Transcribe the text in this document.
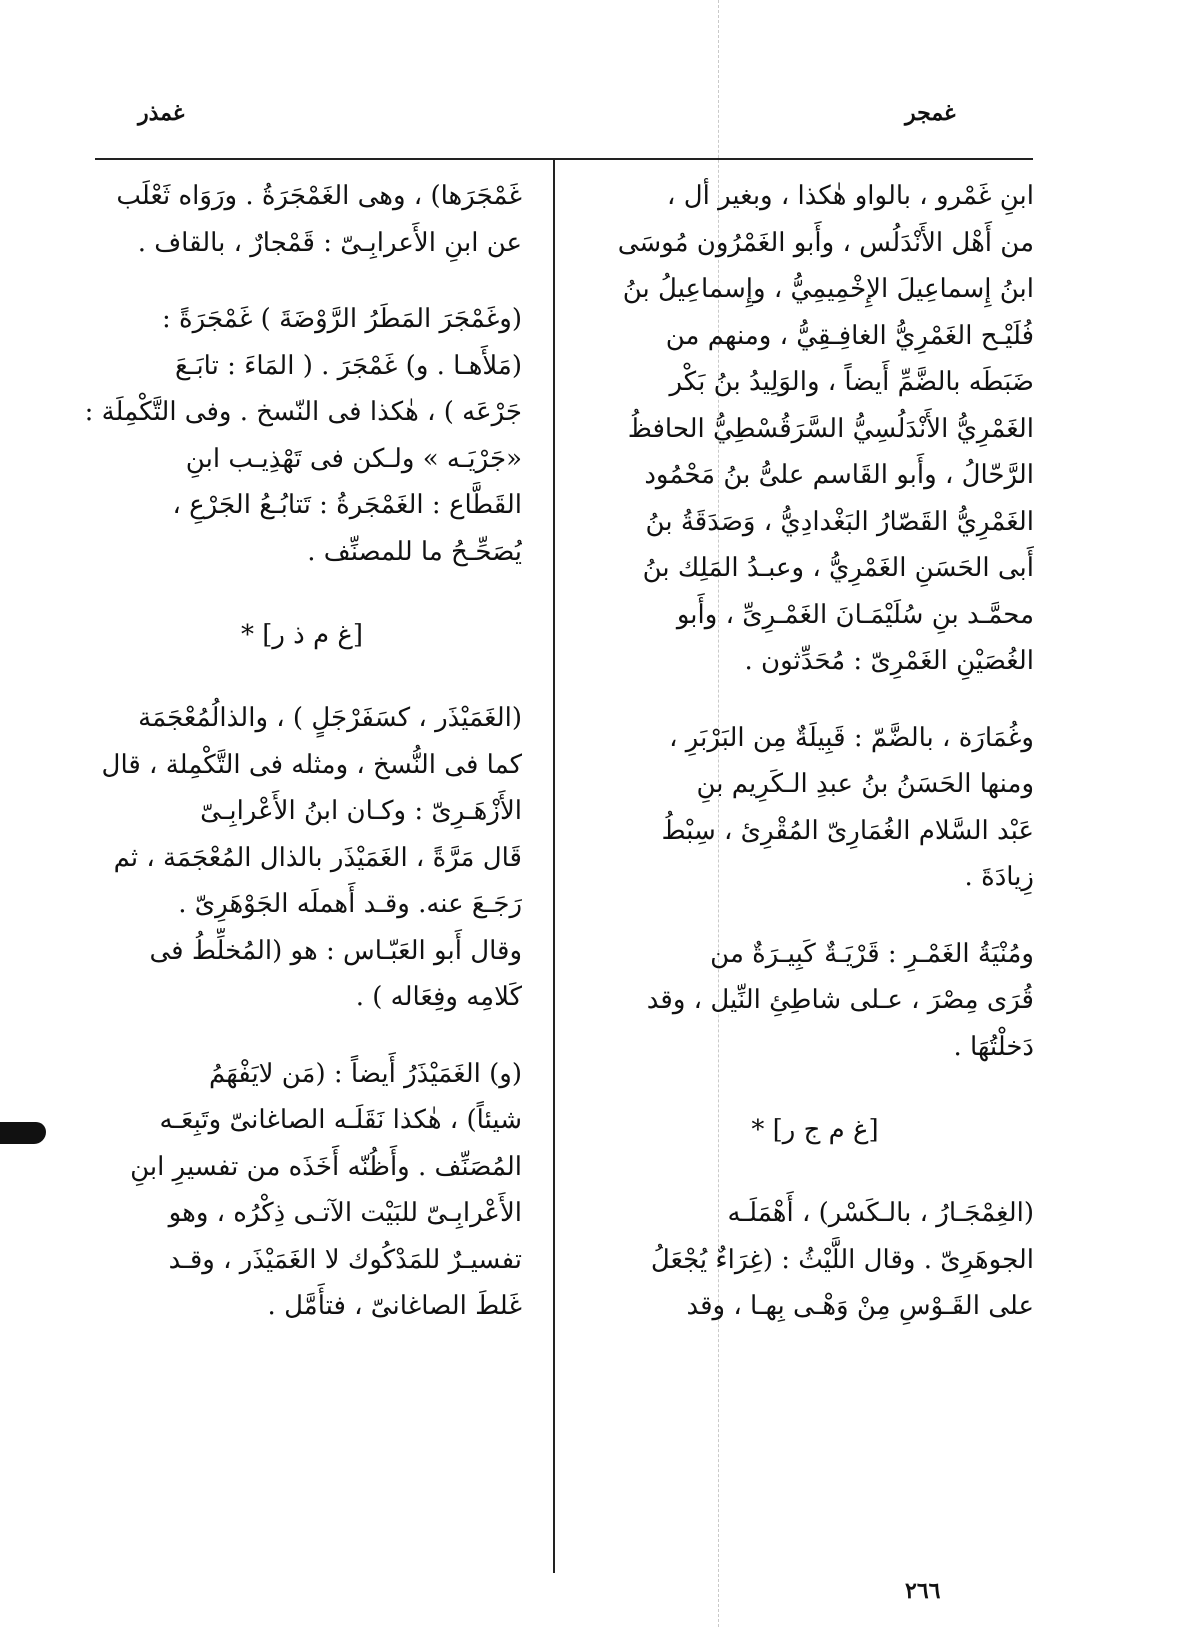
غمذر	غمجر
ابنِ غَمْرو ، بالواو هٰكذا ، وبغير أل ،
من أَهْل الأَنْدَلُس ، وأَبو الغَمْرُون مُوسَى
ابنُ إِسماعِيلَ الإِخْمِيمِيُّ ، وإِسماعِيلُ بنُ
فُلَيْـح الغَمْرِيُّ الغافِـقِيُّ ، ومنهم من
ضَبَطَه بالضَّمِّ أَيضاً ، والوَلِيدُ بنُ بَكْر
الغَمْرِيُّ الأَنْدَلُسِيُّ السَّرَقُسْطِيُّ الحافظُ
الرَّحّالُ ، وأَبو القَاسم علىُّ بنُ مَحْمُود
الغَمْرِيُّ القَصّارُ البَغْدادِيُّ ، وَصَدَقَةُ بنُ
أَبى الحَسَنِ الغَمْرِيُّ ، وعبـدُ المَلِك بنُ
محمَّـد بنِ سُلَيْمَـانَ الغَمْـرِىِّ ، وأَبو
الغُصَيْنِ الغَمْرِىّ : مُحَدِّثون .
وغُمَارَة ، بالضَّمّ : قَبِيلَةٌ مِن البَرْبَرِ ،
ومنها الحَسَنُ بنُ عبدِ الـكَرِيم بنِ
عَبْد السَّلام الغُمَارِىّ المُقْرِئ ، سِبْطُ
زِيادَةَ .
ومُنْيَةُ الغَمْـرِ : قَرْيَـةٌ كَبِيـرَةٌ من
قُرَى مِصْرَ ، عـلى شاطِئِ النِّيل ، وقد
دَخلْتُهَا .
[غ م ج ر] *
(الغِمْجَـارُ ، بالـكَسْر) ، أَهْمَلَـه
الجوهَرِىّ . وقال اللَّيْثُ : (غِرَاءٌ يُجْعَلُ
على القَـوْسِ مِنْ وَهْـى بِهـا ، وقد
غَمْجَرَها) ، وهى الغَمْجَرَةُ . ورَوَاه ثَعْلَب
عن ابنِ الأَعرابِـىّ : قَمْجارٌ ، بالقاف .
(وغَمْجَرَ المَطَرُ الرَّوْضَةَ ) غَمْجَرَةً :
(مَلأَهـا . و) غَمْجَرَ . ( المَاءَ : تابَـعَ
جَرْعَه ) ، هٰكذا فى النّسخ . وفى التَّكْمِلَة :
«جَرْيَـه » ولـكن فى تَهْذِيـب ابنِ
القَطَّاع : الغَمْجَرةُ : تَتابُـعُ الجَرْعِ ،
يُصَحِّـحُ ما للمصنِّف .
[غ م ذ ر] *
(الغَمَيْذَر ، كسَفَرْجَلٍ ) ، والذالُمُعْجَمَة
كما فى النُّسخ ، ومثله فى التَّكْمِلة ، قال
الأَزْهَـرِىّ : وكـان ابنُ الأَعْرابِـىّ
قَال مَرَّةً ، الغَمَيْذَر بالذال المُعْجَمَة ، ثم
رَجَـعَ عنه. وقـد أَهملَه الجَوْهَرِىّ .
وقال أَبو العَبّـاس : هو (المُخلِّطُ فى
كَلامِه وفِعَاله ) .
(و) الغَمَيْذَرُ أَيضاً : (مَن لايَفْهَمُ
شيئاً) ، هٰكذا نَقَلَـه الصاغانىّ وتَبِعَـه
المُصَنِّف . وأَظُنّه أَخَذَه من تفسيرِ ابنِ
الأَعْرابِـىّ للبَيْت الآتـى ذِكْرُه ، وهو
تفسيـرٌ للمَدْكُوك لا الغَمَيْذَر ، وقـد
غَلطَ الصاغانىّ ، فتأَمَّل .
٢٦٦
